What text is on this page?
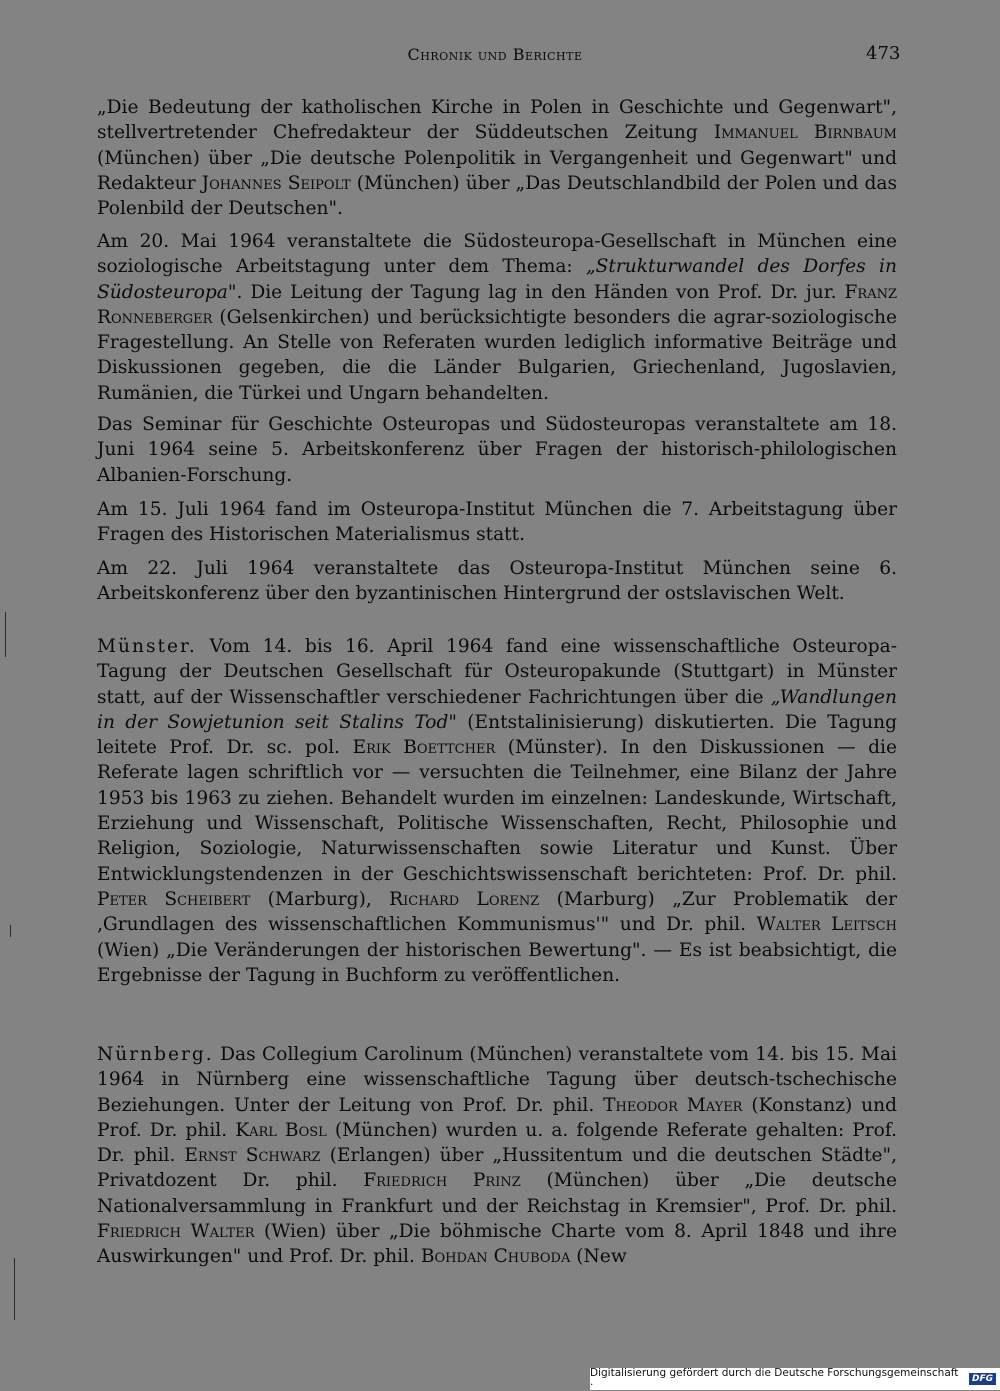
Chronik und Berichte	473

„Die Bedeutung der katholischen Kirche in Polen in Geschichte und Gegenwart", stellvertretender Chefredakteur der Süddeutschen Zeitung Immanuel Birnbaum (München) über „Die deutsche Polenpolitik in Vergangenheit und Gegenwart" und Redakteur Johannes Seipolt (München) über „Das Deutschlandbild der Polen und das Polenbild der Deutschen".

Am 20. Mai 1964 veranstaltete die Südosteuropa-Gesellschaft in München eine soziologische Arbeitstagung unter dem Thema: „Strukturwandel des Dorfes in Südosteuropa". Die Leitung der Tagung lag in den Händen von Prof. Dr. jur. Franz Ronneberger (Gelsenkirchen) und berücksichtigte besonders die agrar-soziologische Fragestellung. An Stelle von Referaten wurden lediglich informative Beiträge und Diskussionen gegeben, die die Länder Bulgarien, Griechenland, Jugoslavien, Rumänien, die Türkei und Ungarn behandelten.

Das Seminar für Geschichte Osteuropas und Südosteuropas veranstaltete am 18. Juni 1964 seine 5. Arbeitskonferenz über Fragen der historisch-philologischen Albanien-Forschung.

Am 15. Juli 1964 fand im Osteuropa-Institut München die 7. Arbeitstagung über Fragen des Historischen Materialismus statt.

Am 22. Juli 1964 veranstaltete das Osteuropa-Institut München seine 6. Arbeitskonferenz über den byzantinischen Hintergrund der ostslavischen Welt.

Münster. Vom 14. bis 16. April 1964 fand eine wissenschaftliche Osteuropa-Tagung der Deutschen Gesellschaft für Osteuropakunde (Stuttgart) in Münster statt, auf der Wissenschaftler verschiedener Fachrichtungen über die „Wandlungen in der Sowjetunion seit Stalins Tod" (Entstalinisierung) diskutierten. Die Tagung leitete Prof. Dr. sc. pol. Erik Boettcher (Münster). In den Diskussionen — die Referate lagen schriftlich vor — versuchten die Teilnehmer, eine Bilanz der Jahre 1953 bis 1963 zu ziehen. Behandelt wurden im einzelnen: Landeskunde, Wirtschaft, Erziehung und Wissenschaft, Politische Wissenschaften, Recht, Philosophie und Religion, Soziologie, Naturwissenschaften sowie Literatur und Kunst. Über Entwicklungstendenzen in der Geschichtswissenschaft berichteten: Prof. Dr. phil. Peter Scheibert (Marburg), Richard Lorenz (Marburg) „Zur Problematik der ‚Grundlagen des wissenschaftlichen Kommunismus'" und Dr. phil. Walter Leitsch (Wien) „Die Veränderungen der historischen Bewertung". — Es ist beabsichtigt, die Ergebnisse der Tagung in Buchform zu veröffentlichen.

Nürnberg. Das Collegium Carolinum (München) veranstaltete vom 14. bis 15. Mai 1964 in Nürnberg eine wissenschaftliche Tagung über deutsch-tschechische Beziehungen. Unter der Leitung von Prof. Dr. phil. Theodor Mayer (Konstanz) und Prof. Dr. phil. Karl Bosl (München) wurden u. a. folgende Referate gehalten: Prof. Dr. phil. Ernst Schwarz (Erlangen) über „Hussitentum und die deutschen Städte", Privatdozent Dr. phil. Friedrich Prinz (München) über „Die deutsche Nationalversammlung in Frankfurt und der Reichstag in Kremsier", Prof. Dr. phil. Friedrich Walter (Wien) über „Die böhmische Charte vom 8. April 1848 und ihre Auswirkungen" und Prof. Dr. phil. Bohdan Chuboda (New

Digitalisierung gefördert durch die Deutsche Forschungsgemeinschaft ·	DFG
